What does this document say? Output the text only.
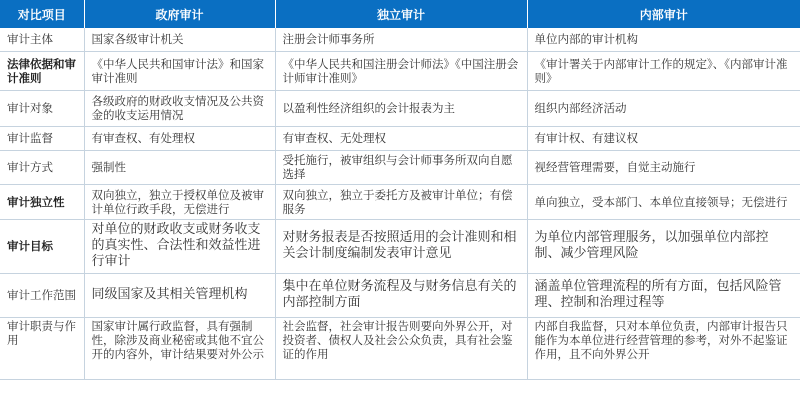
对比项目	政府审计	独立审计	内部审计
审计主体	国家各级审计机关	注册会计师事务所	单位内部的审计机构
法律依据和审计准则	《中华人民共和国审计法》和国家审计准则	《中华人民共和国注册会计师法》《中国注册会计师审计准则》	《审计署关于内部审计工作的规定》、《内部审计准则》
审计对象	各级政府的财政收支情况及公共资金的收支运用情况	以盈利性经济组织的会计报表为主	组织内部经济活动
审计监督	有审查权、有处理权	有审查权、无处理权	有审计权、有建议权
审计方式	强制性	受托施行，被审组织与会计师事务所双向自愿选择	视经营管理需要，自觉主动施行
审计独立性	双向独立，独立于授权单位及被审计单位行政手段，无偿进行	双向独立，独立于委托方及被审计单位；有偿服务	单向独立，受本部门、本单位直接领导；无偿进行
审计目标	对单位的财政收支或财务收支的真实性、合法性和效益性进行审计	对财务报表是否按照适用的会计准则和相关会计制度编制发表审计意见	为单位内部管理服务，以加强单位内部控制、减少管理风险
审计工作范围	同级国家及其相关管理机构	集中在单位财务流程及与财务信息有关的内部控制方面	涵盖单位管理流程的所有方面，包括风险管理、控制和治理过程等
审计职责与作用	国家审计属行政监督，具有强制性，除涉及商业秘密或其他不宜公开的内容外，审计结果要对外公示	社会监督，社会审计报告则要向外界公开，对投资者、债权人及社会公众负责，具有社会鉴证的作用	内部自我监督，只对本单位负责，内部审计报告只能作为本单位进行经营管理的参考，对外不起鉴证作用，且不向外界公开
